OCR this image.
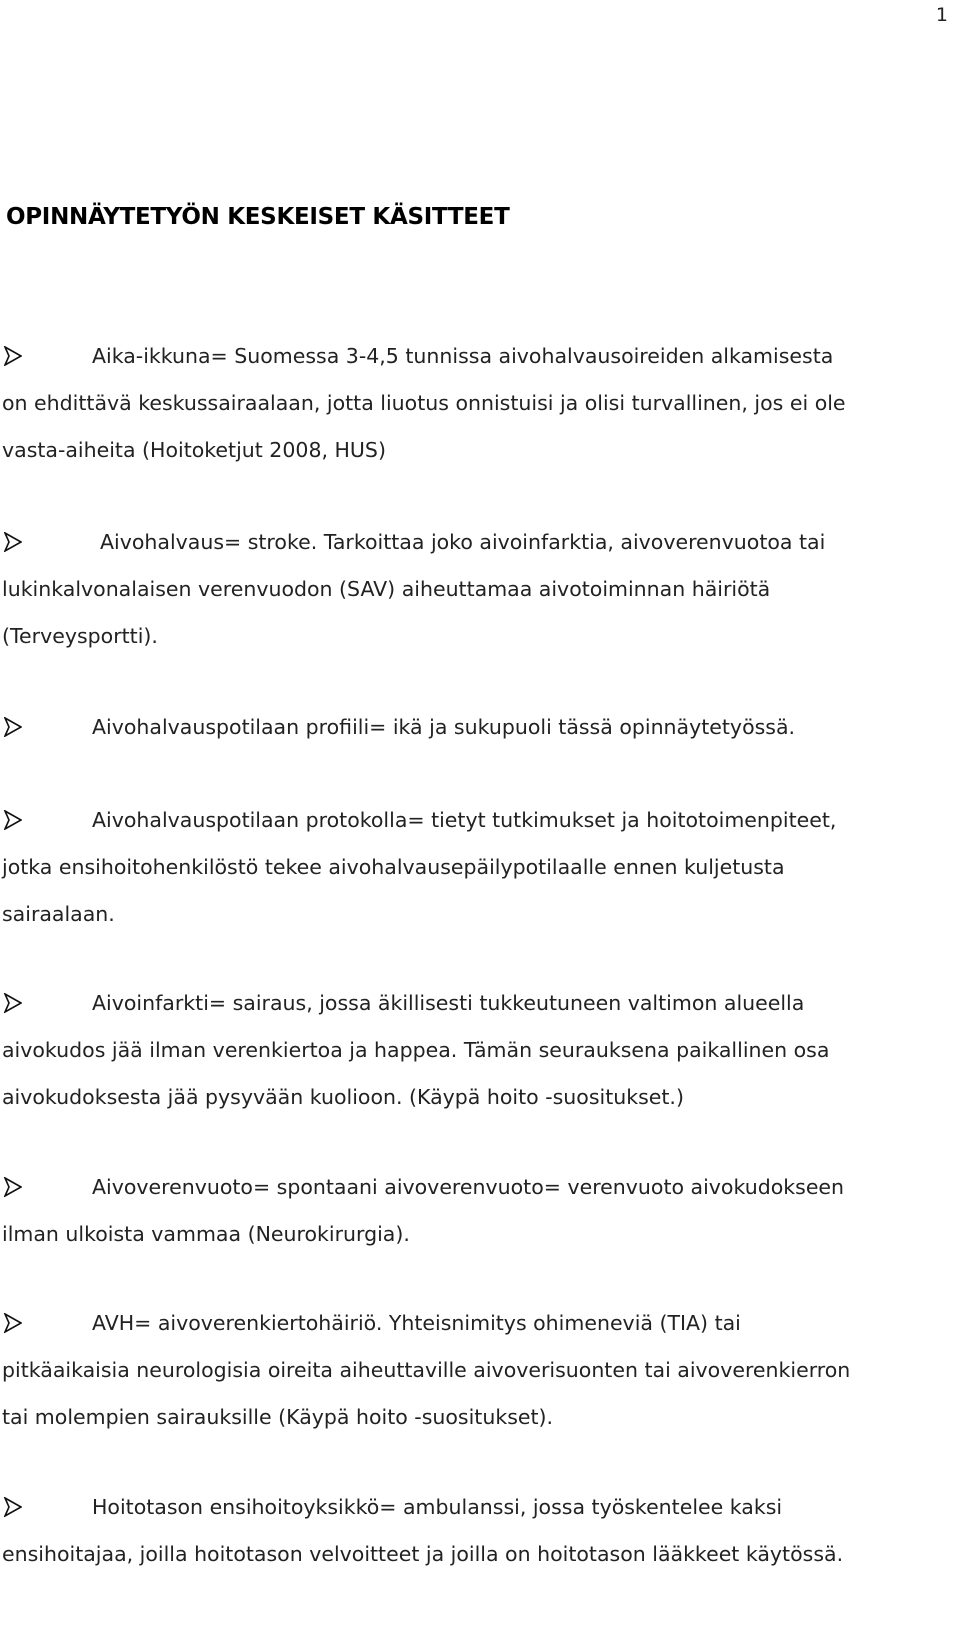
1
OPINNÄYTETYÖN KESKEISET KÄSITTEET
Aika-ikkuna= Suomessa 3-4,5 tunnissa aivohalvausoireiden alkamisesta
on ehdittävä keskussairaalaan, jotta liuotus onnistuisi ja olisi turvallinen, jos ei ole
vasta-aiheita (Hoitoketjut 2008, HUS)
Aivohalvaus= stroke. Tarkoittaa joko aivoinfarktia, aivoverenvuotoa tai
lukinkalvonalaisen verenvuodon (SAV) aiheuttamaa aivotoiminnan häiriötä
(Terveysportti).
Aivohalvauspotilaan profiili= ikä ja sukupuoli tässä opinnäytetyössä.
Aivohalvauspotilaan protokolla= tietyt tutkimukset ja hoitotoimenpiteet,
jotka ensihoitohenkilöstö tekee aivohalvausepäilypotilaalle ennen kuljetusta
sairaalaan.
Aivoinfarkti= sairaus, jossa äkillisesti tukkeutuneen valtimon alueella
aivokudos jää ilman verenkiertoa ja happea. Tämän seurauksena paikallinen osa
aivokudoksesta jää pysyvään kuolioon. (Käypä hoito -suositukset.)
Aivoverenvuoto= spontaani aivoverenvuoto= verenvuoto aivokudokseen
ilman ulkoista vammaa (Neurokirurgia).
AVH= aivoverenkiertohäiriö. Yhteisnimitys ohimeneviä (TIA) tai
pitkäaikaisia neurologisia oireita aiheuttaville aivoverisuonten tai aivoverenkierron
tai molempien sairauksille (Käypä hoito -suositukset).
Hoitotason ensihoitoyksikkö= ambulanssi, jossa työskentelee kaksi
ensihoitajaa, joilla hoitotason velvoitteet ja joilla on hoitotason lääkkeet käytössä.
